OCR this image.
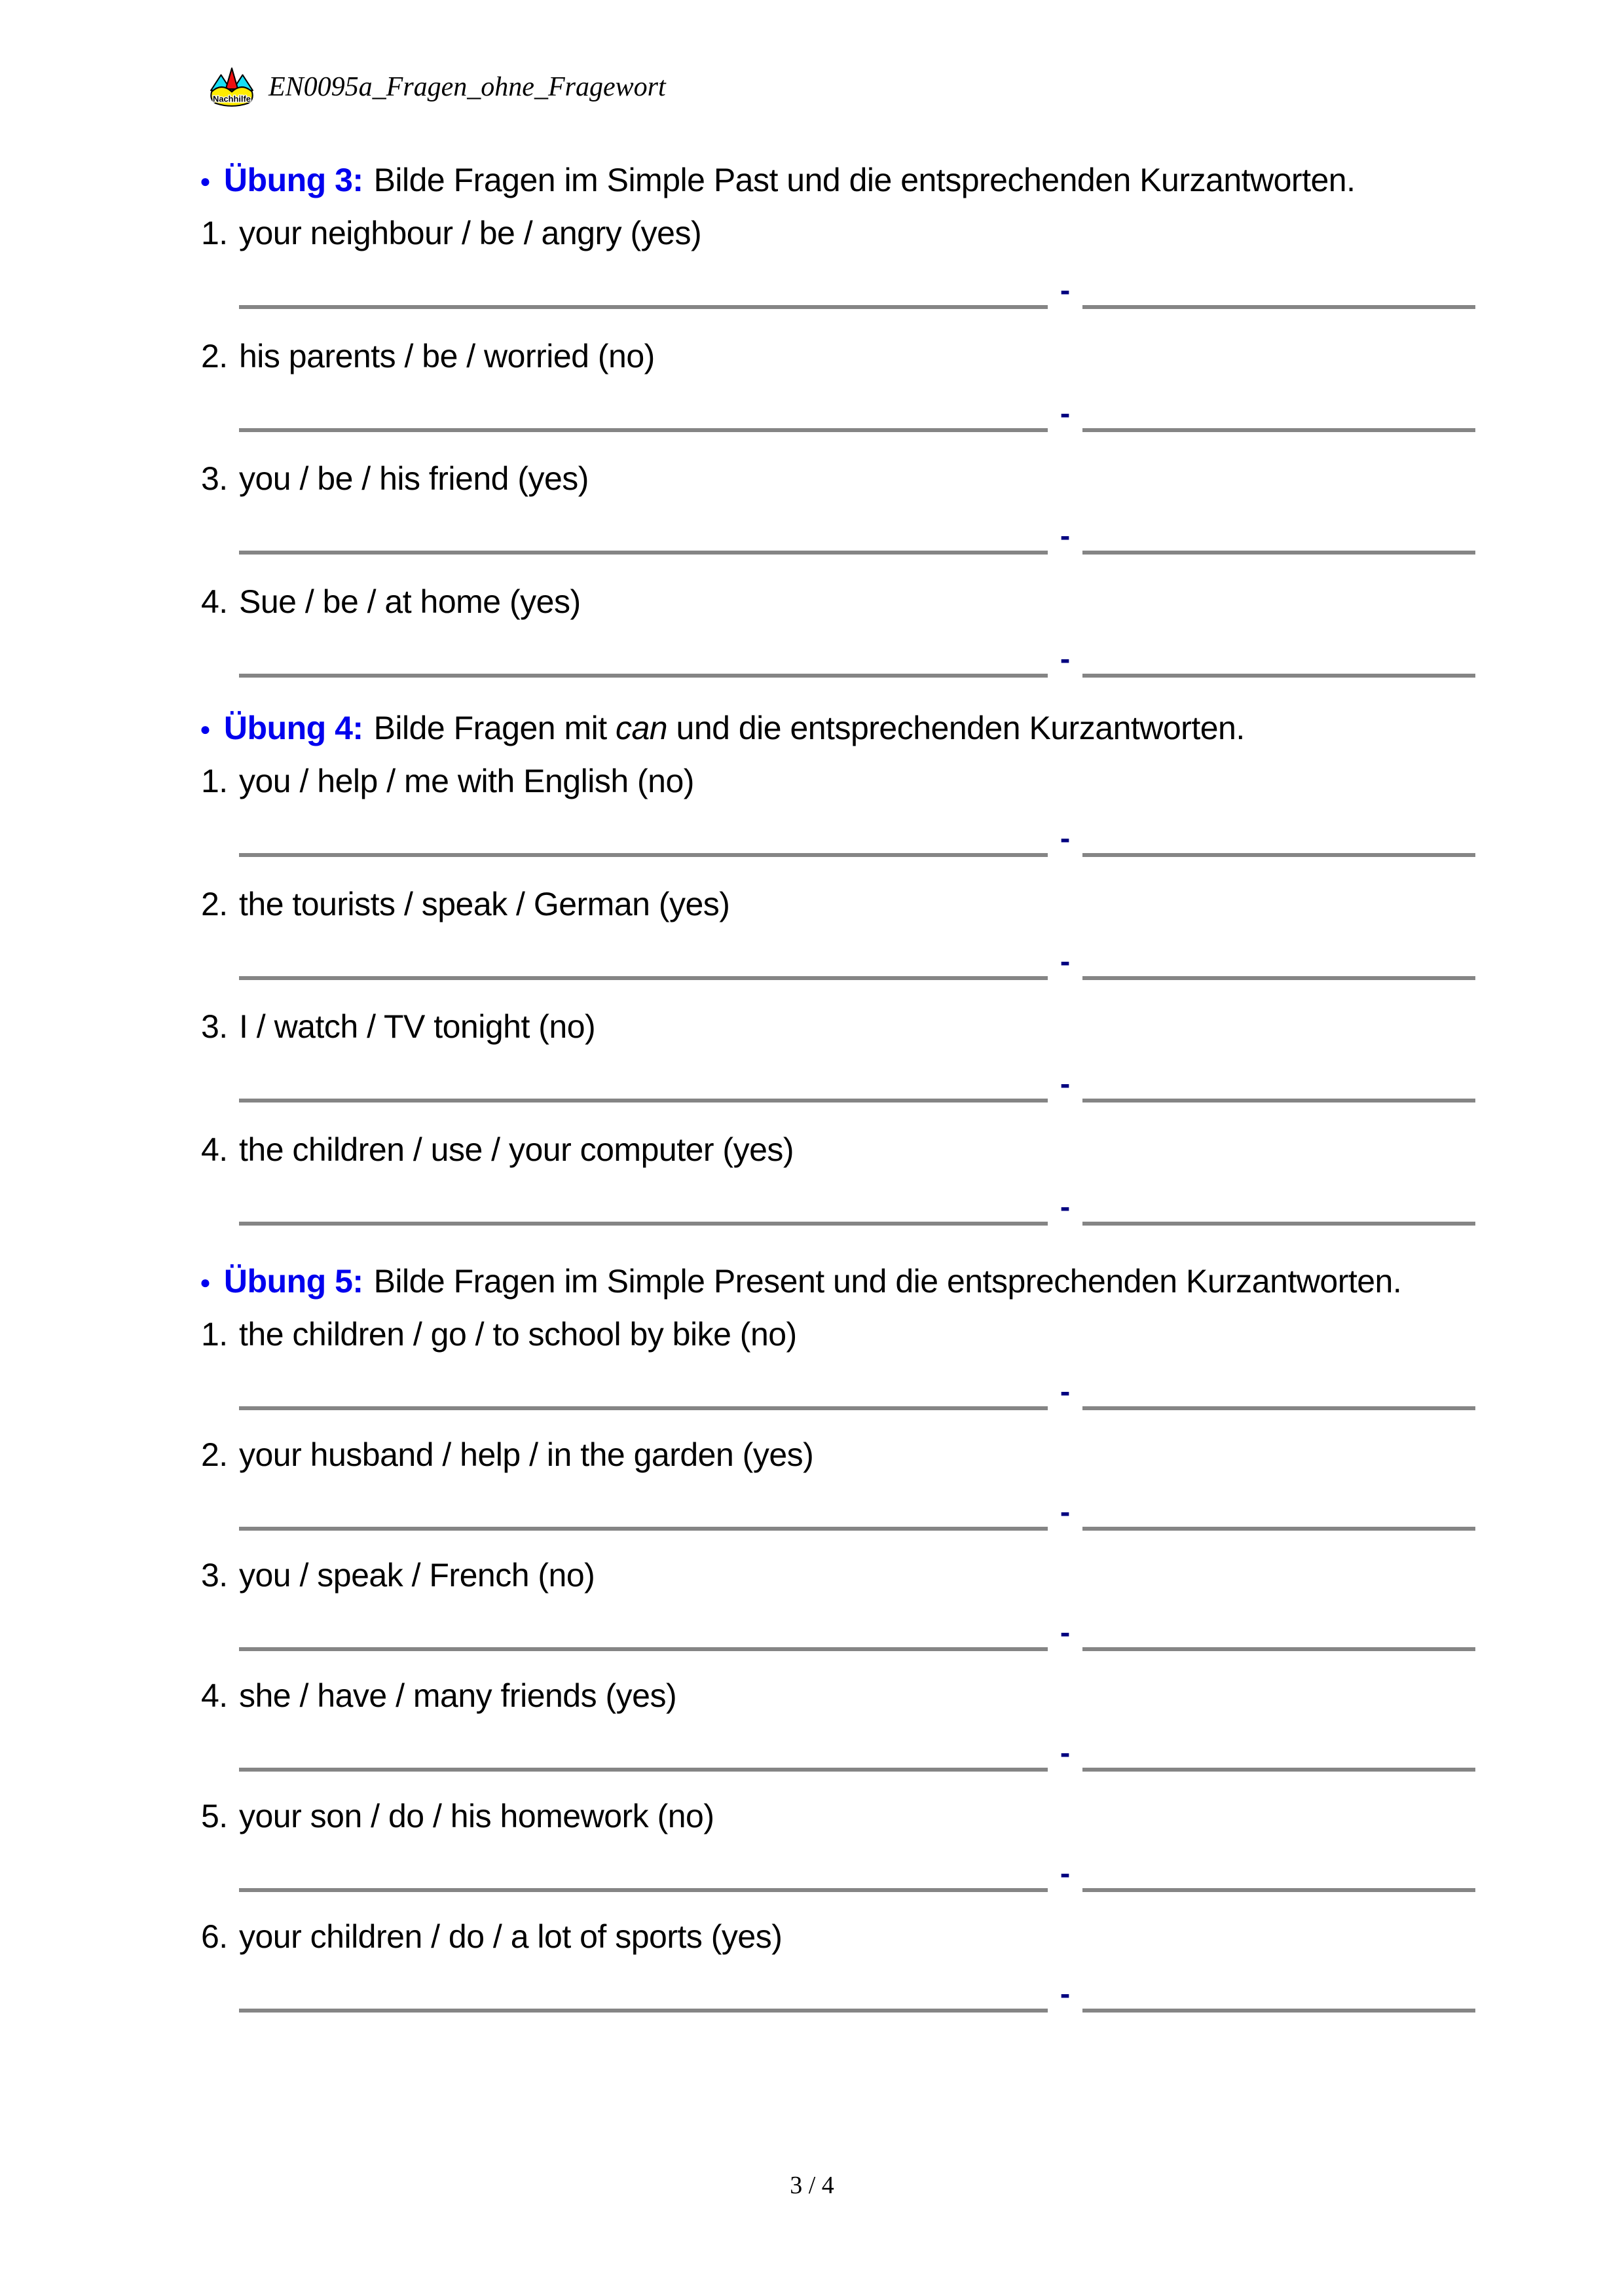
Nachhilfe EN0095a_Fragen_ohne_Fragewort
● Übung 3: Bilde Fragen im Simple Past und die entsprechenden Kurzantworten.
1. your neighbour / be / angry (yes)
-
2. his parents / be / worried (no)
-
3. you / be / his friend (yes)
-
4. Sue / be / at home (yes)
-
● Übung 4: Bilde Fragen mit can und die entsprechenden Kurzantworten.
1. you / help / me with English (no)
-
2. the tourists / speak / German (yes)
-
3. I / watch / TV tonight (no)
-
4. the children / use / your computer (yes)
-
● Übung 5: Bilde Fragen im Simple Present und die entsprechenden Kurzantworten.
1. the children / go / to school by bike (no)
-
2. your husband / help / in the garden (yes)
-
3. you / speak / French (no)
-
4. she / have / many friends (yes)
-
5. your son / do / his homework (no)
-
6. your children / do / a lot of sports (yes)
-
3 / 4
